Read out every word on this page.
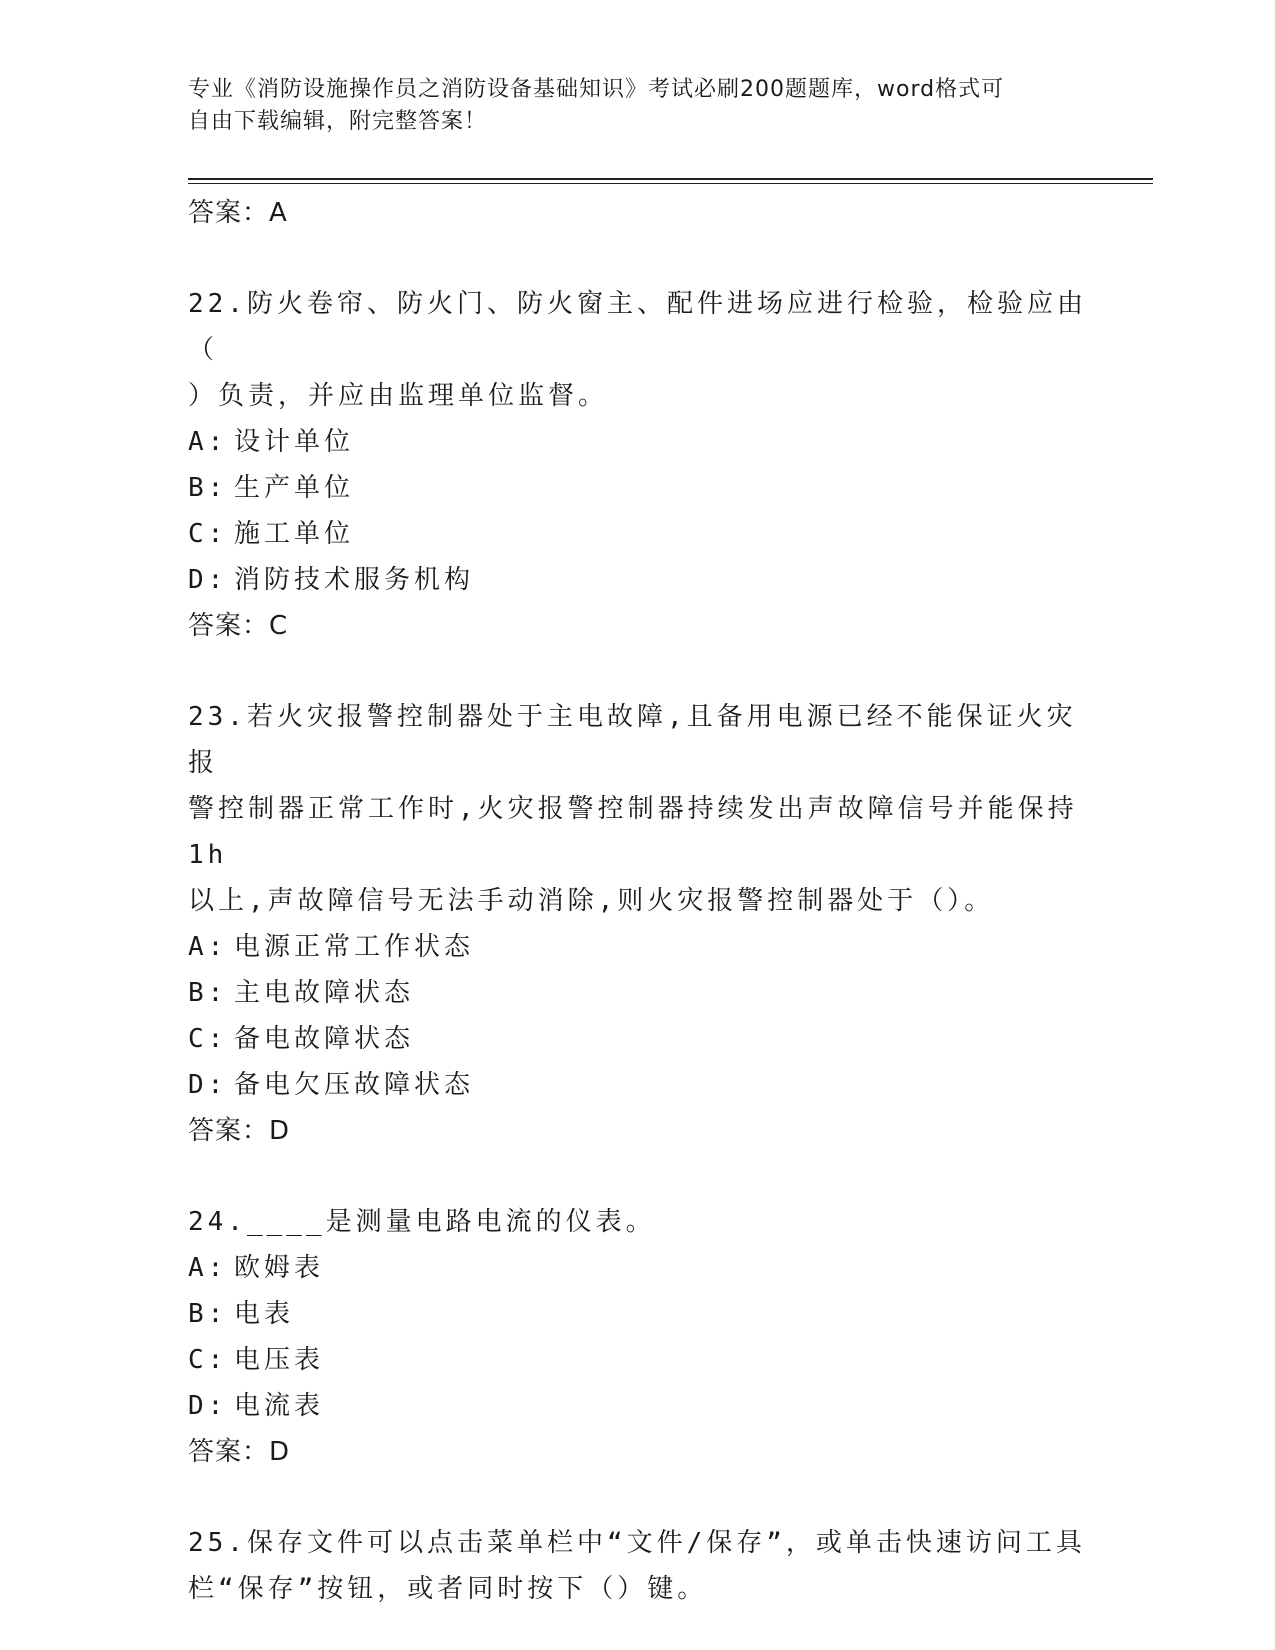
专业《消防设施操作员之消防设备基础知识》考试必刷200题题库，word格式可
自由下载编辑，附完整答案！
答案：A
22.防火卷帘、防火门、防火窗主、配件进场应进行检验，检验应由（
）负责，并应由监理单位监督。
A: 设计单位
B: 生产单位
C: 施工单位
D: 消防技术服务机构
答案：C
23.若火灾报警控制器处于主电故障,且备用电源已经不能保证火灾报
警控制器正常工作时,火灾报警控制器持续发出声故障信号并能保持1h
以上,声故障信号无法手动消除,则火灾报警控制器处于（）。
A: 电源正常工作状态
B: 主电故障状态
C: 备电故障状态
D: 备电欠压故障状态
答案：D
24.____是测量电路电流的仪表。
A: 欧姆表
B: 电表
C: 电压表
D: 电流表
答案：D
25.保存文件可以点击菜单栏中“文件/保存”，或单击快速访问工具
栏“保存”按钮，或者同时按下（）键。
